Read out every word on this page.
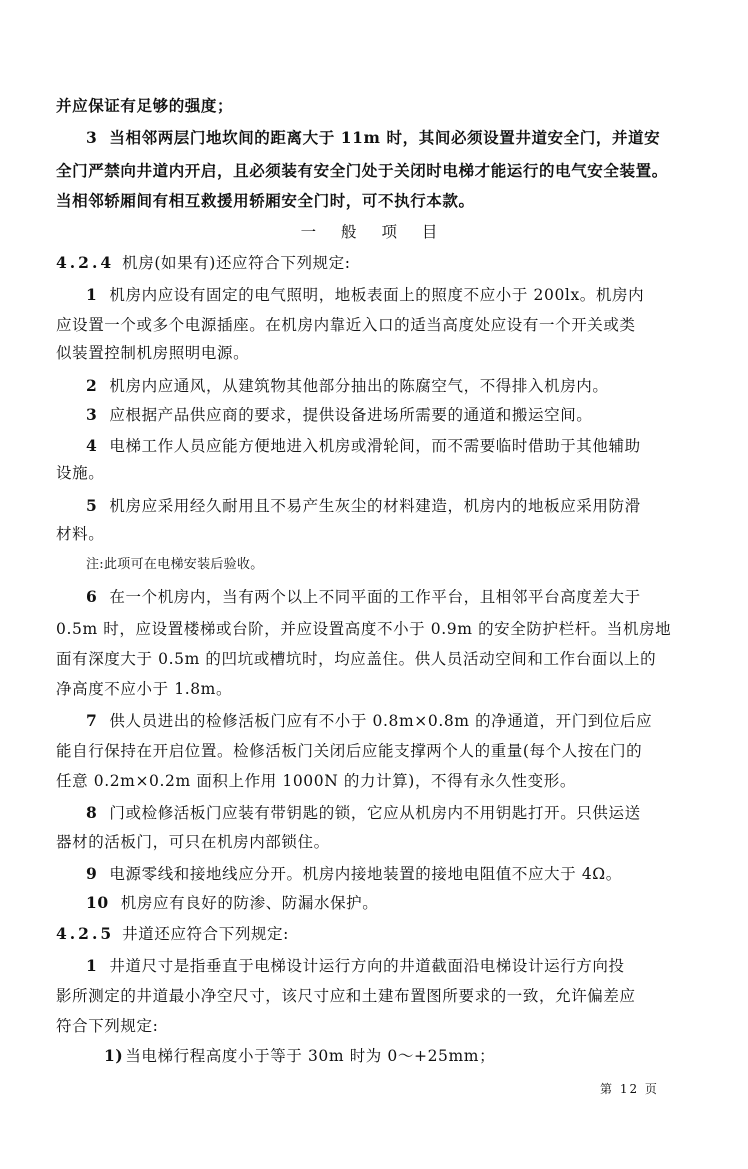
并应保证有足够的强度；
3 当相邻两层门地坎间的距离大于 11m 时，其间必须设置井道安全门，并道安
全门严禁向井道内开启，且必须装有安全门处于关闭时电梯才能运行的电气安全装置。
当相邻轿厢间有相互救援用轿厢安全门时，可不执行本款。
一 般 项 目
4.2.4 机房(如果有)还应符合下列规定:
1 机房内应设有固定的电气照明，地板表面上的照度不应小于 200lx。机房内
应设置一个或多个电源插座。在机房内靠近入口的适当高度处应设有一个开关或类
似装置控制机房照明电源。
2 机房内应通风，从建筑物其他部分抽出的陈腐空气，不得排入机房内。
3 应根据产品供应商的要求，提供设备进场所需要的通道和搬运空间。
4 电梯工作人员应能方便地进入机房或滑轮间，而不需要临时借助于其他辅助
设施。
5 机房应采用经久耐用且不易产生灰尘的材料建造，机房内的地板应采用防滑
材料。
注:此项可在电梯安装后验收。
6 在一个机房内，当有两个以上不同平面的工作平台，且相邻平台高度差大于
0.5m 时，应设置楼梯或台阶，并应设置高度不小于 0.9m 的安全防护栏杆。当机房地
面有深度大于 0.5m 的凹坑或槽坑时，均应盖住。供人员活动空间和工作台面以上的
净高度不应小于 1.8m。
7 供人员进出的检修活板门应有不小于 0.8m×0.8m 的净通道，开门到位后应
能自行保持在开启位置。检修活板门关闭后应能支撑两个人的重量(每个人按在门的
任意 0.2m×0.2m 面积上作用 1000N 的力计算)，不得有永久性变形。
8 门或检修活板门应装有带钥匙的锁，它应从机房内不用钥匙打开。只供运送
器材的活板门，可只在机房内部锁住。
9 电源零线和接地线应分开。机房内接地装置的接地电阻值不应大于 4Ω。
10 机房应有良好的防渗、防漏水保护。
4.2.5 井道还应符合下列规定:
1 井道尺寸是指垂直于电梯设计运行方向的井道截面沿电梯设计运行方向投
影所测定的井道最小净空尺寸，该尺寸应和土建布置图所要求的一致，允许偏差应
符合下列规定:
1) 当电梯行程高度小于等于 30m 时为 0～+25mm；
第 12 页
